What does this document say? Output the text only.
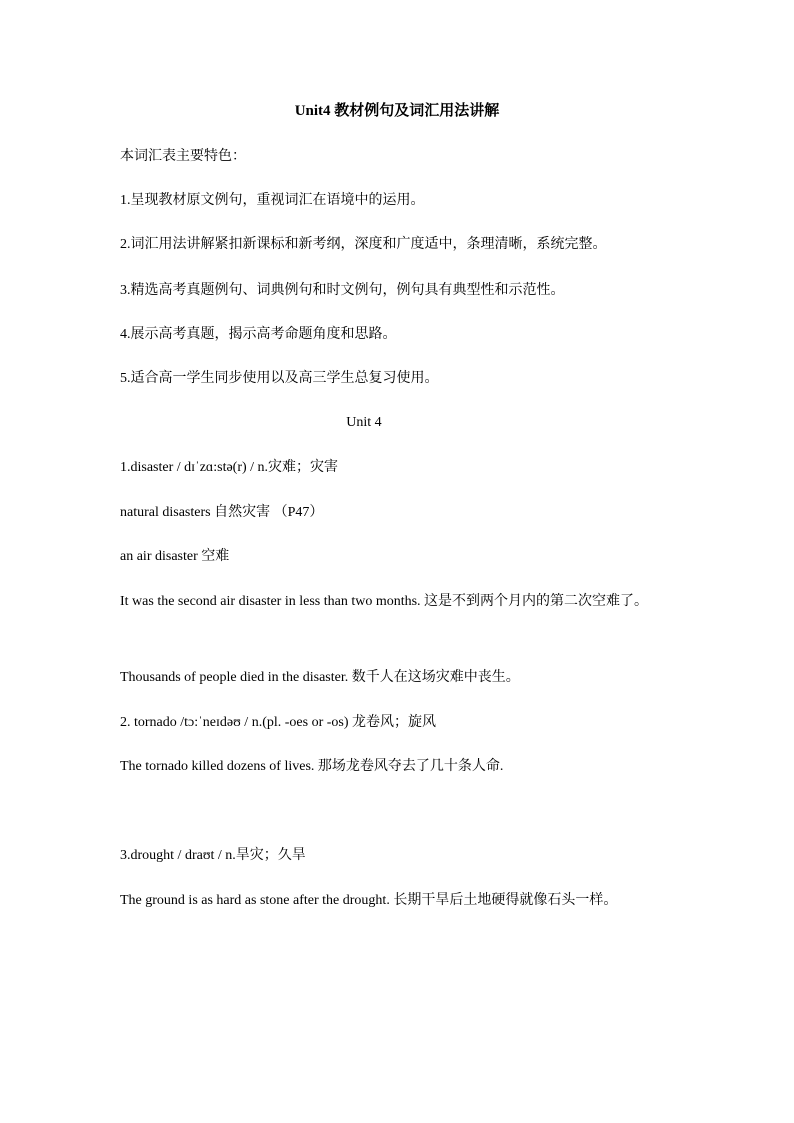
Unit4 教材例句及词汇用法讲解
本词汇表主要特色：
1.呈现教材原文例句，重视词汇在语境中的运用。
2.词汇用法讲解紧扣新课标和新考纲，深度和广度适中，条理清晰，系统完整。
3.精选高考真题例句、词典例句和时文例句，例句具有典型性和示范性。
4.展示高考真题，揭示高考命题角度和思路。
5.适合高一学生同步使用以及高三学生总复习使用。
Unit 4
1.disaster / dɪˈzɑ:stə(r) / n.灾难；灾害
natural disasters 自然灾害 （P47）
an air disaster 空难
It was the second air disaster in less than two months. 这是不到两个月内的第二次空难了。
Thousands of people died in the disaster. 数千人在这场灾难中丧生。
2. tornado /tɔ:ˈneɪdəʊ / n.(pl. -oes or -os) 龙卷风；旋风
The tornado killed dozens of lives. 那场龙卷风夺去了几十条人命.
3.drought / draʊt / n.旱灾；久旱
The ground is as hard as stone after the drought. 长期干旱后土地硬得就像石头一样。
